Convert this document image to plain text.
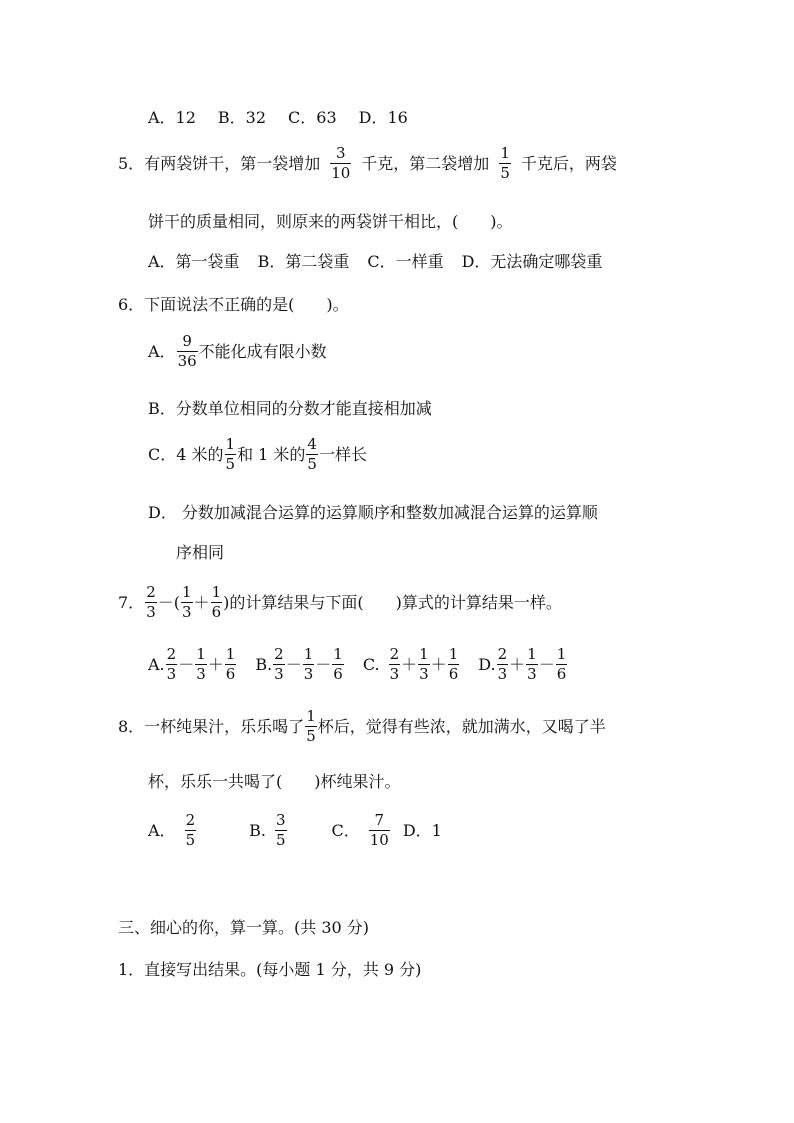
A．12 B．32 C．63 D．16
5． 有两袋饼干，第一袋增加 $\frac{3}{10}$ 千克，第二袋增加 $\frac{1}{5}$ 千克后，两袋
饼干的质量相同，则原来的两袋饼干相比，(　　)。
A．第一袋重 B．第二袋重 C．一样重 D．无法确定哪袋重
6．下面说法不正确的是(　　)。
A． $\frac{9}{36}$ 不能化成有限小数
B．分数单位相同的分数才能直接相加减
C．4 米的 $\frac{1}{5}$ 和 1 米的 $\frac{4}{5}$ 一样长
D． 分数加减混合运算的运算顺序和整数加减混合运算的运算顺
序相同
7． $\frac{2}{3}$ － ( $\frac{1}{3} + \frac{1}{6}$ ) 的计算结果与下面(　　)算式的计算结果一样。
A. $\frac{2}{3} - \frac{1}{3} + \frac{1}{6} B$. $\frac{2}{3} - \frac{1}{3} - \frac{1}{6} C$. $\frac{2}{3} + \frac{1}{3} + \frac{1}{6} D$. $\frac{2}{3} + \frac{1}{3} - \frac{1}{6}$
8．一杯纯果汁，乐乐喝了 $\frac{1}{5}$ 杯后，觉得有些浓，就加满水，又喝了半
杯，乐乐一共喝了(　　)杯纯果汁。
A． $\frac{2}{5}$	B. $\frac{3}{5}$	C． $\frac{7}{10}$ D．1
三、细心的你，算一算。(共 30 分)
1．直接写出结果。(每小题 1 分，共 9 分)
